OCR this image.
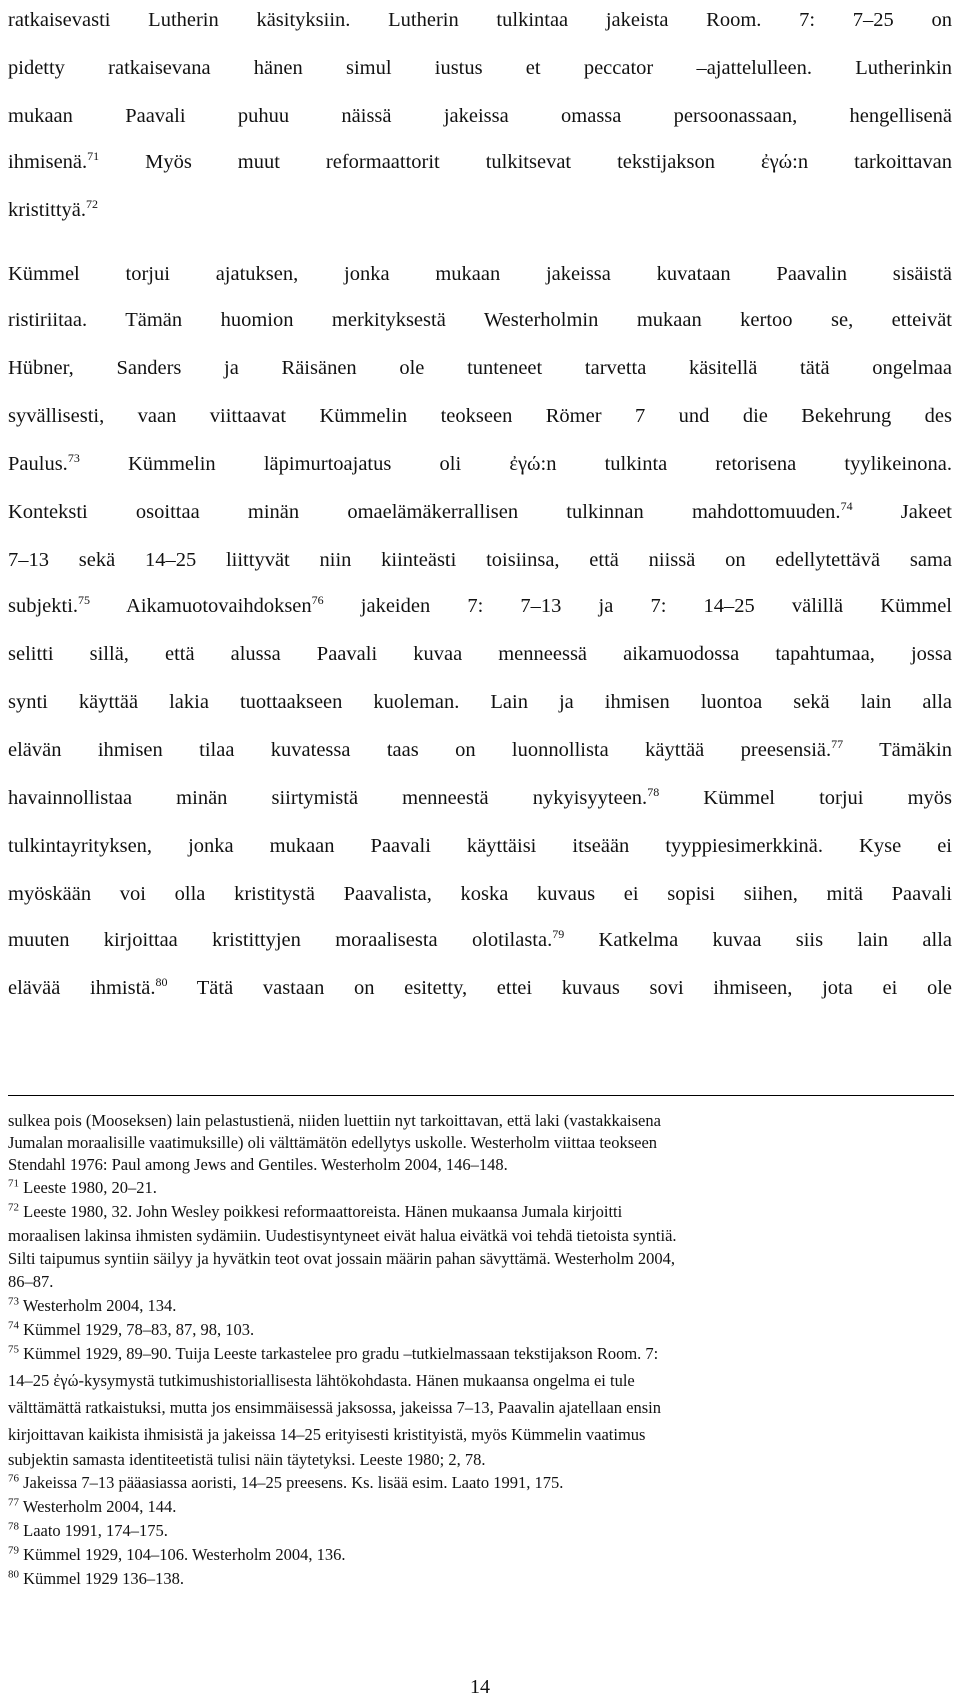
ratkaisevasti Lutherin käsityksiin. Lutherin tulkintaa jakeista Room. 7: 7–25 on
pidetty ratkaisevana hänen simul iustus et peccator –ajattelulleen. Lutherinkin
mukaan Paavali puhuu näissä jakeissa omassa persoonassaan, hengellisenä
ihmisenä.$^{71}$ Myös muut reformaattorit tulkitsevat tekstijakson ἐγώ:n tarkoittavan
kristittyä.$^{72}$
Kümmel torjui ajatuksen, jonka mukaan jakeissa kuvataan Paavalin sisäistä
ristiriitaa. Tämän huomion merkityksestä Westerholmin mukaan kertoo se, etteivät
Hübner, Sanders ja Räisänen ole tunteneet tarvetta käsitellä tätä ongelmaa
syvällisesti, vaan viittaavat Kümmelin teokseen Römer 7 und die Bekehrung des
Paulus.$^{73}$ Kümmelin läpimurtoajatus oli ἐγώ:n tulkinta retorisena tyylikeinona.
Konteksti osoittaa minän omaelämäkerrallisen tulkinnan mahdottomuuden.$^{74}$ Jakeet
7–13 sekä 14–25 liittyvät niin kiinteästi toisiinsa, että niissä on edellytettävä sama
subjekti.$^{75}$ Aikamuotovaihdoksen$^{76}$ jakeiden 7: 7–13 ja 7: 14–25 välillä Kümmel
selitti sillä, että alussa Paavali kuvaa menneessä aikamuodossa tapahtumaa, jossa
synti käyttää lakia tuottaakseen kuoleman. Lain ja ihmisen luontoa sekä lain alla
elävän ihmisen tilaa kuvatessa taas on luonnollista käyttää preesensiä.$^{77}$ Tämäkin
havainnollistaa minän siirtymistä menneestä nykyisyyteen.$^{78}$ Kümmel torjui myös
tulkintayrityksen, jonka mukaan Paavali käyttäisi itseään tyyppiesimerkkinä. Kyse ei
myöskään voi olla kristitystä Paavalista, koska kuvaus ei sopisi siihen, mitä Paavali
muuten kirjoittaa kristittyjen moraalisesta olotilasta.$^{79}$ Katkelma kuvaa siis lain alla
elävää ihmistä.$^{80}$ Tätä vastaan on esitetty, ettei kuvaus sovi ihmiseen, jota ei ole
sulkea pois (Mooseksen) lain pelastustienä, niiden luettiin nyt tarkoittavan, että laki (vastakkaisena
Jumalan moraalisille vaatimuksille) oli välttämätön edellytys uskolle. Westerholm viittaa teokseen
Stendahl 1976: Paul among Jews and Gentiles. Westerholm 2004, 146–148.
$^{71}$ Leeste 1980, 20–21.
$^{72}$ Leeste 1980, 32. John Wesley poikkesi reformaattoreista. Hänen mukaansa Jumala kirjoitti
moraalisen lakinsa ihmisten sydämiin. Uudestisyntyneet eivät halua eivätkä voi tehdä tietoista syntiä.
Silti taipumus syntiin säilyy ja hyvätkin teot ovat jossain määrin pahan sävyttämä. Westerholm 2004,
86–87.
$^{73}$ Westerholm 2004, 134.
$^{74}$ Kümmel 1929, 78–83, 87, 98, 103.
$^{75}$ Kümmel 1929, 89–90. Tuija Leeste tarkastelee pro gradu –tutkielmassaan tekstijakson Room. 7:
14–25 ἐγώ-kysymystä tutkimushistoriallisesta lähtökohdasta. Hänen mukaansa ongelma ei tule
välttämättä ratkaistuksi, mutta jos ensimmäisessä jaksossa, jakeissa 7–13, Paavalin ajatellaan ensin
kirjoittavan kaikista ihmisistä ja jakeissa 14–25 erityisesti kristityistä, myös Kümmelin vaatimus
subjektin samasta identiteetistä tulisi näin täytetyksi. Leeste 1980; 2, 78.
$^{76}$ Jakeissa 7–13 pääasiassa aoristi, 14–25 preesens. Ks. lisää esim. Laato 1991, 175.
$^{77}$ Westerholm 2004, 144.
$^{78}$ Laato 1991, 174–175.
$^{79}$ Kümmel 1929, 104–106. Westerholm 2004, 136.
$^{80}$ Kümmel 1929 136–138.
14
